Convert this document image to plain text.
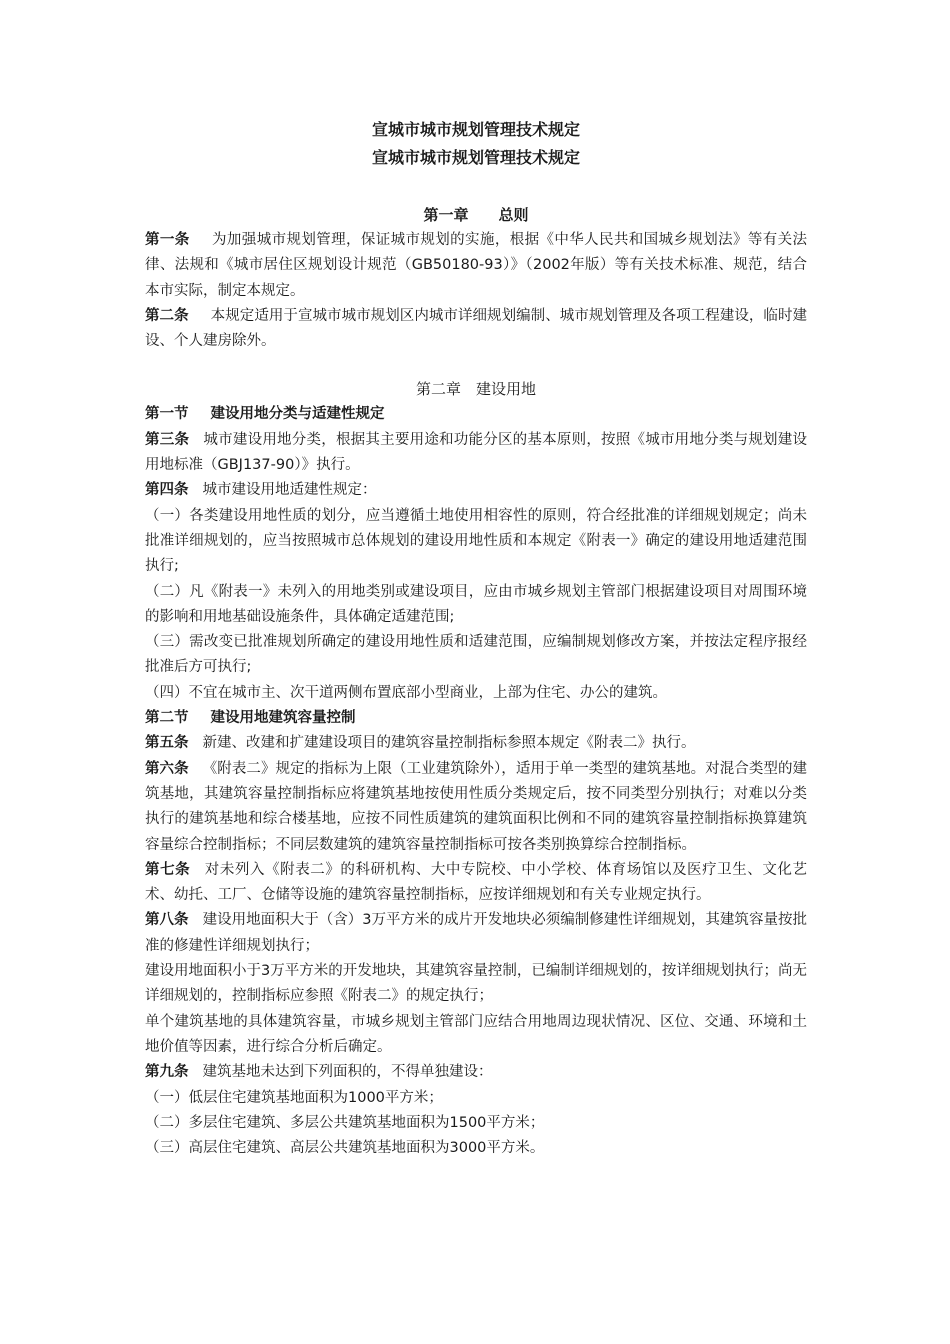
宣城市城市规划管理技术规定
宣城市城市规划管理技术规定
第一章　　总则

第一条 为加强城市规划管理，保证城市规划的实施，根据《中华人民共和国城乡规划法》等有关法律、法规和《城市居住区规划设计规范（GB50180-93）》（2002年版）等有关技术标准、规范，结合本市实际，制定本规定。

第二条 本规定适用于宣城市城市规划区内城市详细规划编制、城市规划管理及各项工程建设，临时建设、个人建房除外。

第二章　建设用地

第一节 建设用地分类与适建性规定

第三条 城市建设用地分类，根据其主要用途和功能分区的基本原则，按照《城市用地分类与规划建设用地标准（GBJ137-90）》执行。

第四条 城市建设用地适建性规定：

（一）各类建设用地性质的划分，应当遵循土地使用相容性的原则，符合经批准的详细规划规定；尚未批准详细规划的，应当按照城市总体规划的建设用地性质和本规定《附表一》确定的建设用地适建范围执行;

（二）凡《附表一》未列入的用地类别或建设项目，应由市城乡规划主管部门根据建设项目对周围环境的影响和用地基础设施条件，具体确定适建范围;

（三）需改变已批准规划所确定的建设用地性质和适建范围，应编制规划修改方案，并按法定程序报经批准后方可执行;

（四）不宜在城市主、次干道两侧布置底部小型商业，上部为住宅、办公的建筑。

第二节 建设用地建筑容量控制

第五条 新建、改建和扩建建设项目的建筑容量控制指标参照本规定《附表二》执行。

第六条 《附表二》规定的指标为上限（工业建筑除外），适用于单一类型的建筑基地。对混合类型的建筑基地，其建筑容量控制指标应将建筑基地按使用性质分类规定后，按不同类型分别执行；对难以分类执行的建筑基地和综合楼基地，应按不同性质建筑的建筑面积比例和不同的建筑容量控制指标换算建筑容量综合控制指标；不同层数建筑的建筑容量控制指标可按各类别换算综合控制指标。

第七条 对未列入《附表二》的科研机构、大中专院校、中小学校、体育场馆以及医疗卫生、文化艺术、幼托、工厂、仓储等设施的建筑容量控制指标，应按详细规划和有关专业规定执行。

第八条 建设用地面积大于（含）3万平方米的成片开发地块必须编制修建性详细规划，其建筑容量按批准的修建性详细规划执行；

建设用地面积小于3万平方米的开发地块，其建筑容量控制，已编制详细规划的，按详细规划执行；尚无详细规划的，控制指标应参照《附表二》的规定执行；

单个建筑基地的具体建筑容量，市城乡规划主管部门应结合用地周边现状情况、区位、交通、环境和土地价值等因素，进行综合分析后确定。

第九条 建筑基地未达到下列面积的，不得单独建设：

（一）低层住宅建筑基地面积为1000平方米；

（二）多层住宅建筑、多层公共建筑基地面积为1500平方米；

（三）高层住宅建筑、高层公共建筑基地面积为3000平方米。
